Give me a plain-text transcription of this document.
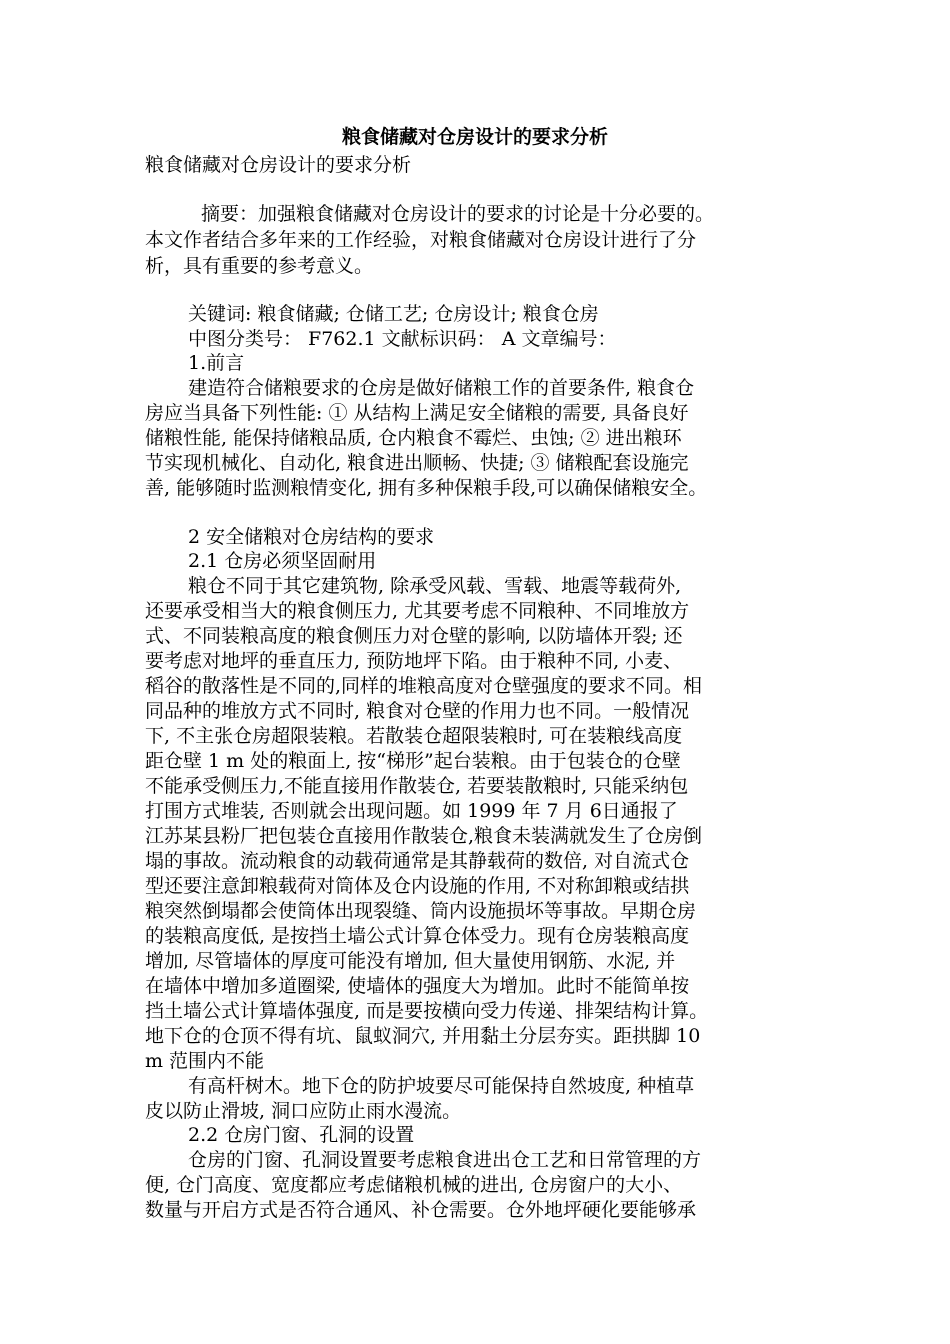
粮食储藏对仓房设计的要求分析
粮食储藏对仓房设计的要求分析
摘要：加强粮食储藏对仓房设计的要求的讨论是十分必要的。
本文作者结合多年来的工作经验，对粮食储藏对仓房设计进行了分
析，具有重要的参考意义。
关键词: 粮食储藏; 仓储工艺; 仓房设计; 粮食仓房
中图分类号： F762.1 文献标识码： A 文章编号：
1.前言
建造符合储粮要求的仓房是做好储粮工作的首要条件, 粮食仓
房应当具备下列性能: ① 从结构上满足安全储粮的需要, 具备良好
储粮性能, 能保持储粮品质, 仓内粮食不霉烂、虫蚀; ② 进出粮环
节实现机械化、自动化, 粮食进出顺畅、快捷; ③ 储粮配套设施完
善, 能够随时监测粮情变化, 拥有多种保粮手段,可以确保储粮安全。
2 安全储粮对仓房结构的要求
2.1 仓房必须坚固耐用
粮仓不同于其它建筑物, 除承受风载、雪载、地震等载荷外,
还要承受相当大的粮食侧压力, 尤其要考虑不同粮种、不同堆放方
式、不同装粮高度的粮食侧压力对仓壁的影响, 以防墙体开裂; 还
要考虑对地坪的垂直压力, 预防地坪下陷。由于粮种不同, 小麦、
稻谷的散落性是不同的,同样的堆粮高度对仓壁强度的要求不同。相
同品种的堆放方式不同时, 粮食对仓壁的作用力也不同。一般情况
下, 不主张仓房超限装粮。若散装仓超限装粮时, 可在装粮线高度
距仓壁 1 m 处的粮面上, 按“梯形”起台装粮。由于包装仓的仓壁
不能承受侧压力,不能直接用作散装仓, 若要装散粮时, 只能采纳包
打围方式堆装, 否则就会出现问题。如 1999 年 7 月 6日通报了
江苏某县粉厂把包装仓直接用作散装仓,粮食未装满就发生了仓房倒
塌的事故。流动粮食的动载荷通常是其静载荷的数倍, 对自流式仓
型还要注意卸粮载荷对筒体及仓内设施的作用, 不对称卸粮或结拱
粮突然倒塌都会使筒体出现裂缝、筒内设施损坏等事故。早期仓房
的装粮高度低, 是按挡土墙公式计算仓体受力。现有仓房装粮高度
增加, 尽管墙体的厚度可能没有增加, 但大量使用钢筋、水泥, 并
在墙体中增加多道圈梁, 使墙体的强度大为增加。此时不能简单按
挡土墙公式计算墙体强度, 而是要按横向受力传递、排架结构计算。
地下仓的仓顶不得有坑、鼠蚁洞穴, 并用黏土分层夯实。距拱脚 10
m 范围内不能
有高杆树木。地下仓的防护坡要尽可能保持自然坡度, 种植草
皮以防止滑坡, 洞口应防止雨水漫流。
2.2 仓房门窗、孔洞的设置
仓房的门窗、孔洞设置要考虑粮食进出仓工艺和日常管理的方
便, 仓门高度、宽度都应考虑储粮机械的进出, 仓房窗户的大小、
数量与开启方式是否符合通风、补仓需要。仓外地坪硬化要能够承
